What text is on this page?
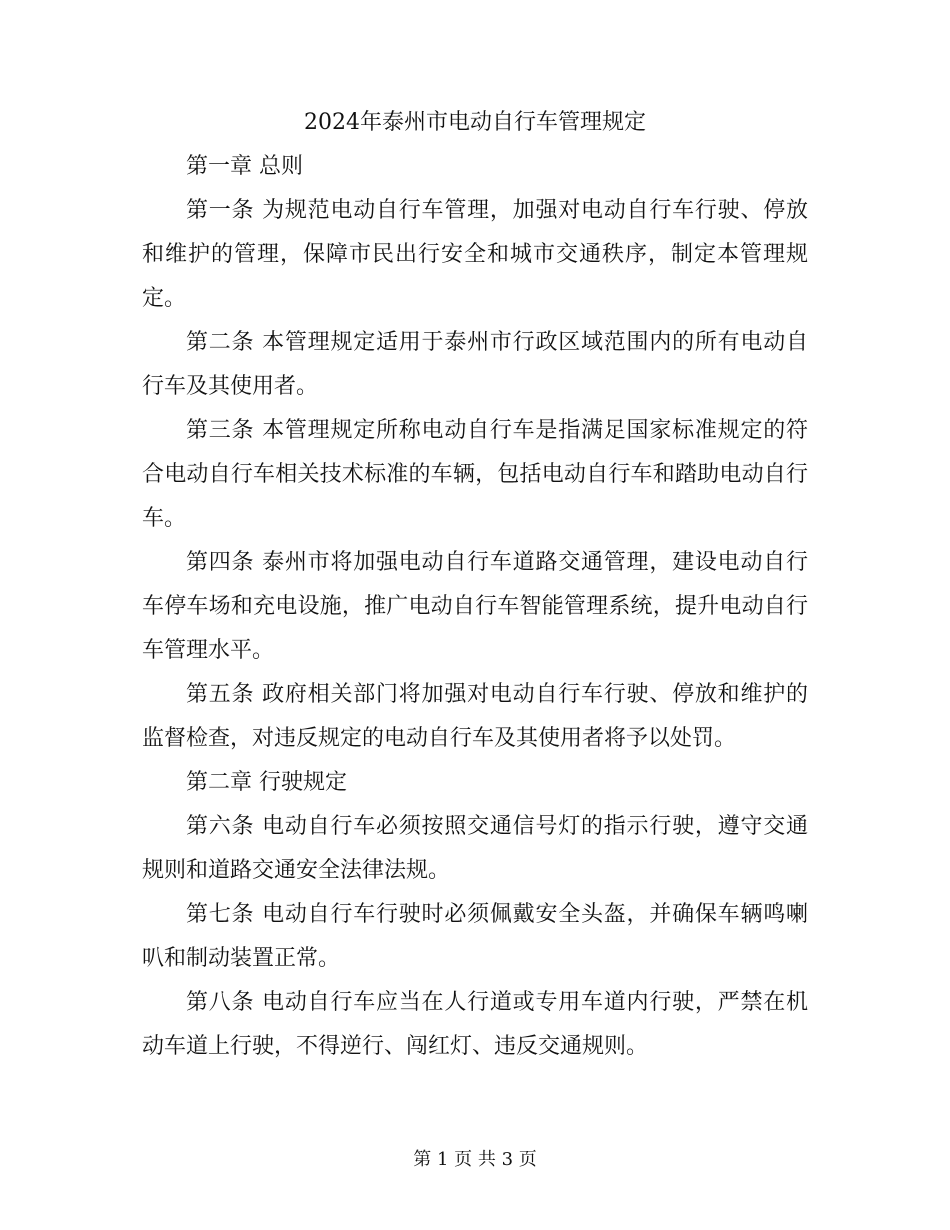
2024年泰州市电动自行车管理规定

第一章 总则

第一条 为规范电动自行车管理，加强对电动自行车行驶、停放和维护的管理，保障市民出行安全和城市交通秩序，制定本管理规定。

第二条 本管理规定适用于泰州市行政区域范围内的所有电动自行车及其使用者。

第三条 本管理规定所称电动自行车是指满足国家标准规定的符合电动自行车相关技术标准的车辆，包括电动自行车和踏助电动自行车。

第四条 泰州市将加强电动自行车道路交通管理，建设电动自行车停车场和充电设施，推广电动自行车智能管理系统，提升电动自行车管理水平。

第五条 政府相关部门将加强对电动自行车行驶、停放和维护的监督检查，对违反规定的电动自行车及其使用者将予以处罚。

第二章 行驶规定

第六条 电动自行车必须按照交通信号灯的指示行驶，遵守交通规则和道路交通安全法律法规。

第七条 电动自行车行驶时必须佩戴安全头盔，并确保车辆鸣喇叭和制动装置正常。

第八条 电动自行车应当在人行道或专用车道内行驶，严禁在机动车道上行驶，不得逆行、闯红灯、违反交通规则。

第 1 页 共 3 页
